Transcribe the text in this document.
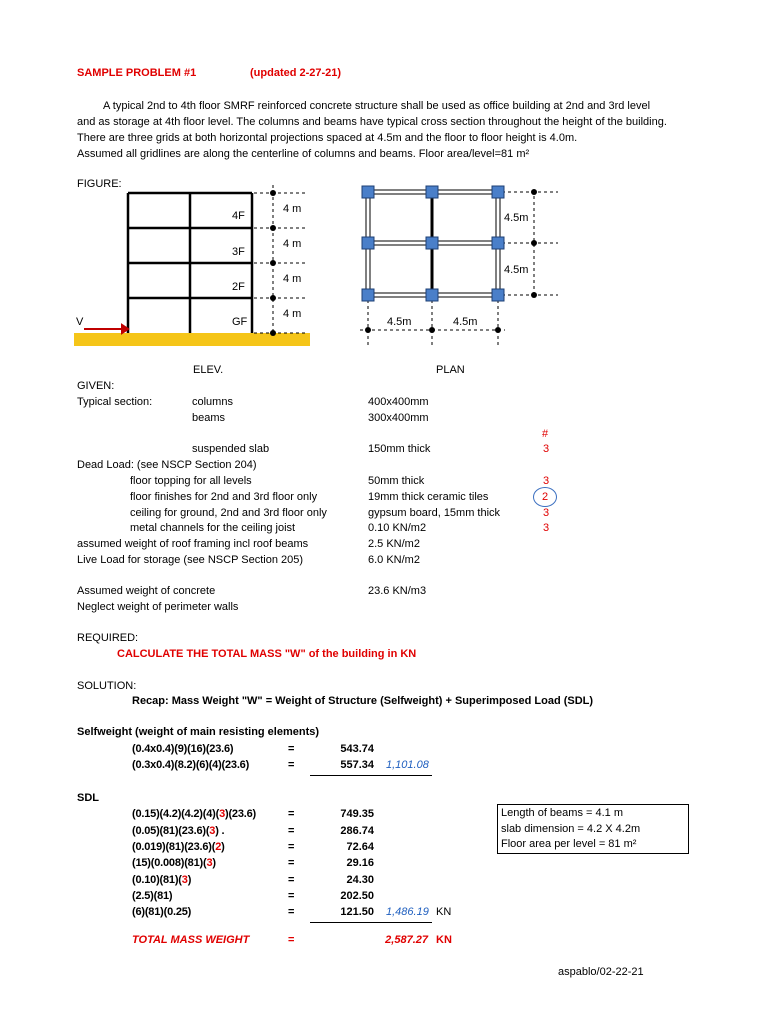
SAMPLE PROBLEM #1	(updated 2-27-21)
A typical 2nd to 4th floor SMRF reinforced concrete structure shall be used as office building at 2nd and 3rd level
and as storage at 4th floor level. The columns and beams have typical cross section throughout the height of the building.
There are three grids at both horizontal projections spaced at 4.5m and the floor to floor height is 4.0m.
Assumed all gridlines are along the centerline of columns and beams. Floor area/level=81 m²
FIGURE:
4F
3F
2F
GF
4 m
4 m
4 m
4 m
V
ELEV.
4.5m
4.5m
4.5m	4.5m
PLAN
GIVEN:
Typical section:	columns	400x400mm
beams	300x400mm
#
suspended slab	150mm thick	3
Dead Load: (see NSCP Section 204)
floor topping for all levels	50mm thick	3
floor finishes for 2nd and 3rd floor only	19mm thick ceramic tiles	2
ceiling for ground, 2nd and 3rd floor only	gypsum board, 15mm thick	3
metal channels for the ceiling joist	0.10 KN/m2	3
assumed weight of roof framing incl roof beams	2.5 KN/m2
Live Load for storage (see NSCP Section 205)	6.0 KN/m2
Assumed weight of concrete	23.6 KN/m3
Neglect weight of perimeter walls
REQUIRED:
CALCULATE THE TOTAL MASS "W" of the building in KN
SOLUTION:
Recap: Mass Weight "W" = Weight of Structure (Selfweight) + Superimposed Load (SDL)
Selfweight (weight of main resisting elements)
(0.4x0.4)(9)(16)(23.6)	=	543.74
(0.3x0.4)(8.2)(6)(4)(23.6)	=	557.34 1,101.08
SDL
(0.15)(4.2)(4.2)(4)(3)(23.6)	=	749.35
(0.05)(81)(23.6)(3) .	=	286.74
(0.019)(81)(23.6)(2)	=	72.64
(15)(0.008)(81)(3)	=	29.16
(0.10)(81)(3)	=	24.30
(2.5)(81)	=	202.50
(6)(81)(0.25)	=	121.50 1,486.19 KN
Length of beams = 4.1 m
slab dimension = 4.2 X 4.2m
Floor area per level = 81 m²
TOTAL MASS WEIGHT	=	2,587.27 KN
aspablo/02-22-21
